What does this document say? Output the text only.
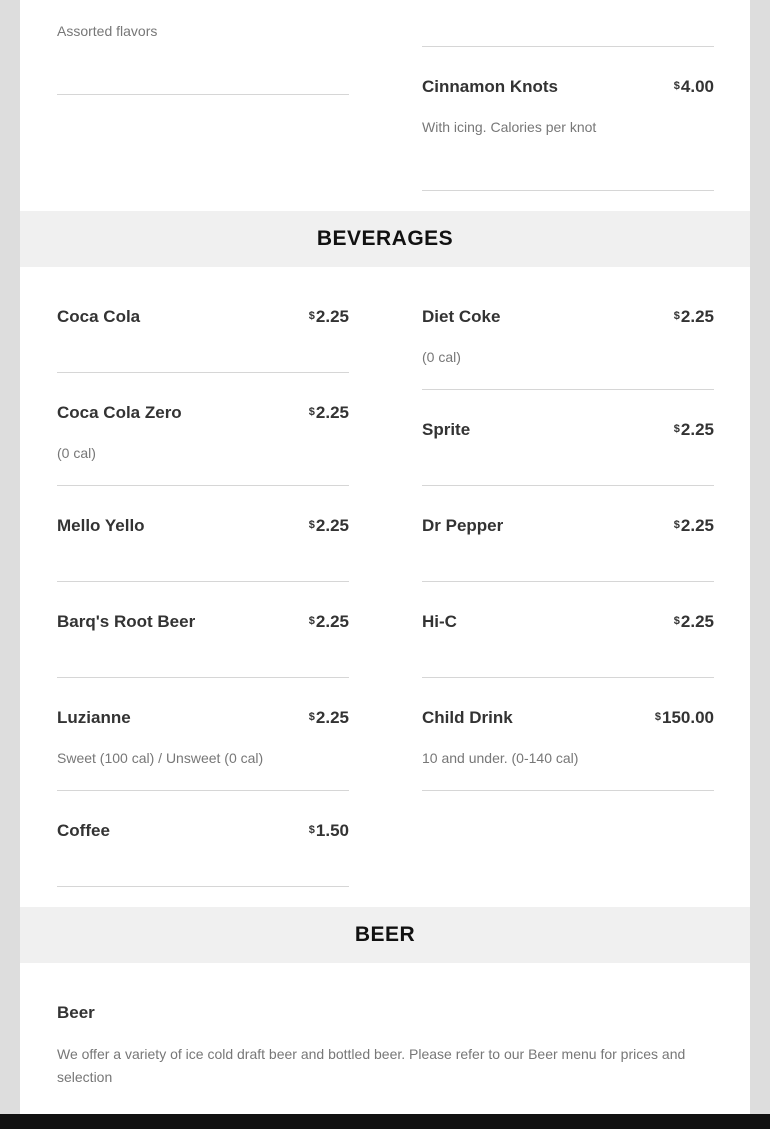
Assorted flavors
Cinnamon Knots	$4.00
With icing. Calories per knot
BEVERAGES
Coca Cola	$2.25
Coca Cola Zero	$2.25
(0 cal)
Mello Yello	$2.25
Barq's Root Beer	$2.25
Luzianne	$2.25
Sweet (100 cal) / Unsweet (0 cal)
Coffee	$1.50
Diet Coke	$2.25
(0 cal)
Sprite	$2.25
Dr Pepper	$2.25
Hi-C	$2.25
Child Drink	$150.00
10 and under. (0-140 cal)
BEER
Beer
We offer a variety of ice cold draft beer and bottled beer. Please refer to our Beer menu for prices and selection
